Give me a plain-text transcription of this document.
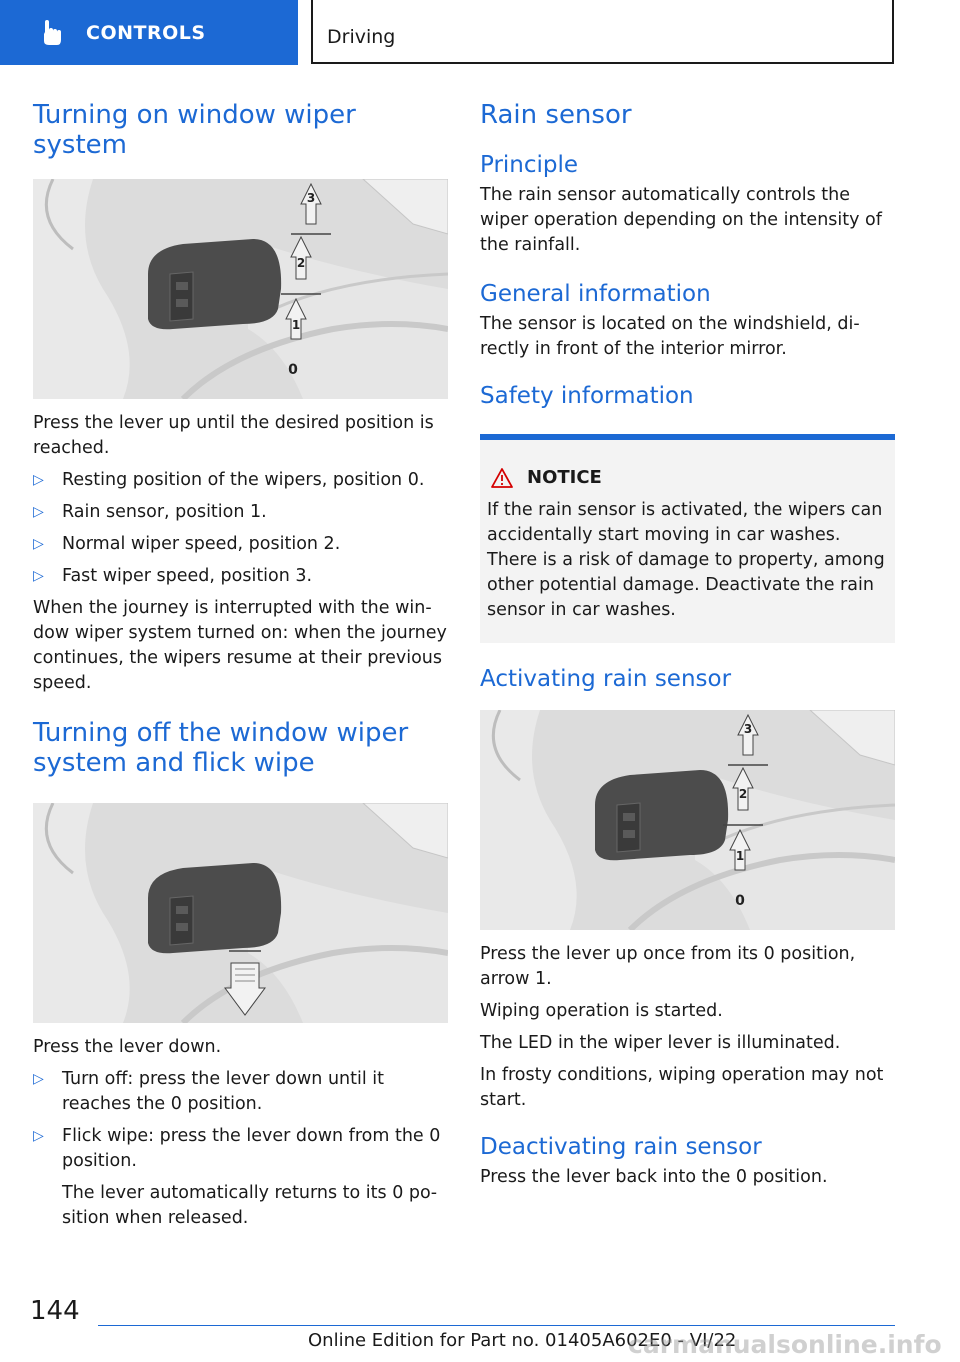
CONTROLS	Driving
Turning on window wiper system
3
2
1
0

Press the lever up until the desired position is reached.

▷ Resting position of the wipers, position 0.
▷ Rain sensor, position 1.
▷ Normal wiper speed, position 2.
▷ Fast wiper speed, position 3.

When the journey is interrupted with the window wiper system turned on: when the journey continues, the wipers resume at their previous speed.

Turning off the window wiper system and flick wipe

Press the lever down.

▷ Turn off: press the lever down until it reaches the 0 position.
▷ Flick wipe: press the lever down from the 0 position.

The lever automatically returns to its 0 position when released.

Rain sensor
Principle

The rain sensor automatically controls the wiper operation depending on the intensity of the rainfall.

General information

The sensor is located on the windshield, directly in front of the interior mirror.

Safety information
NOTICE

If the rain sensor is activated, the wipers can accidentally start moving in car washes. There is a risk of damage to property, among other potential damage. Deactivate the rain sensor in car washes.

Activating rain sensor
3
2
1
0

Press the lever up once from its 0 position, arrow 1.

Wiping operation is started.

The LED in the wiper lever is illuminated.

In frosty conditions, wiping operation may not start.

Deactivating rain sensor

Press the lever back into the 0 position.

144
Online Edition for Part no. 01405A602E0 - VI/22
carmanualsonline.info
